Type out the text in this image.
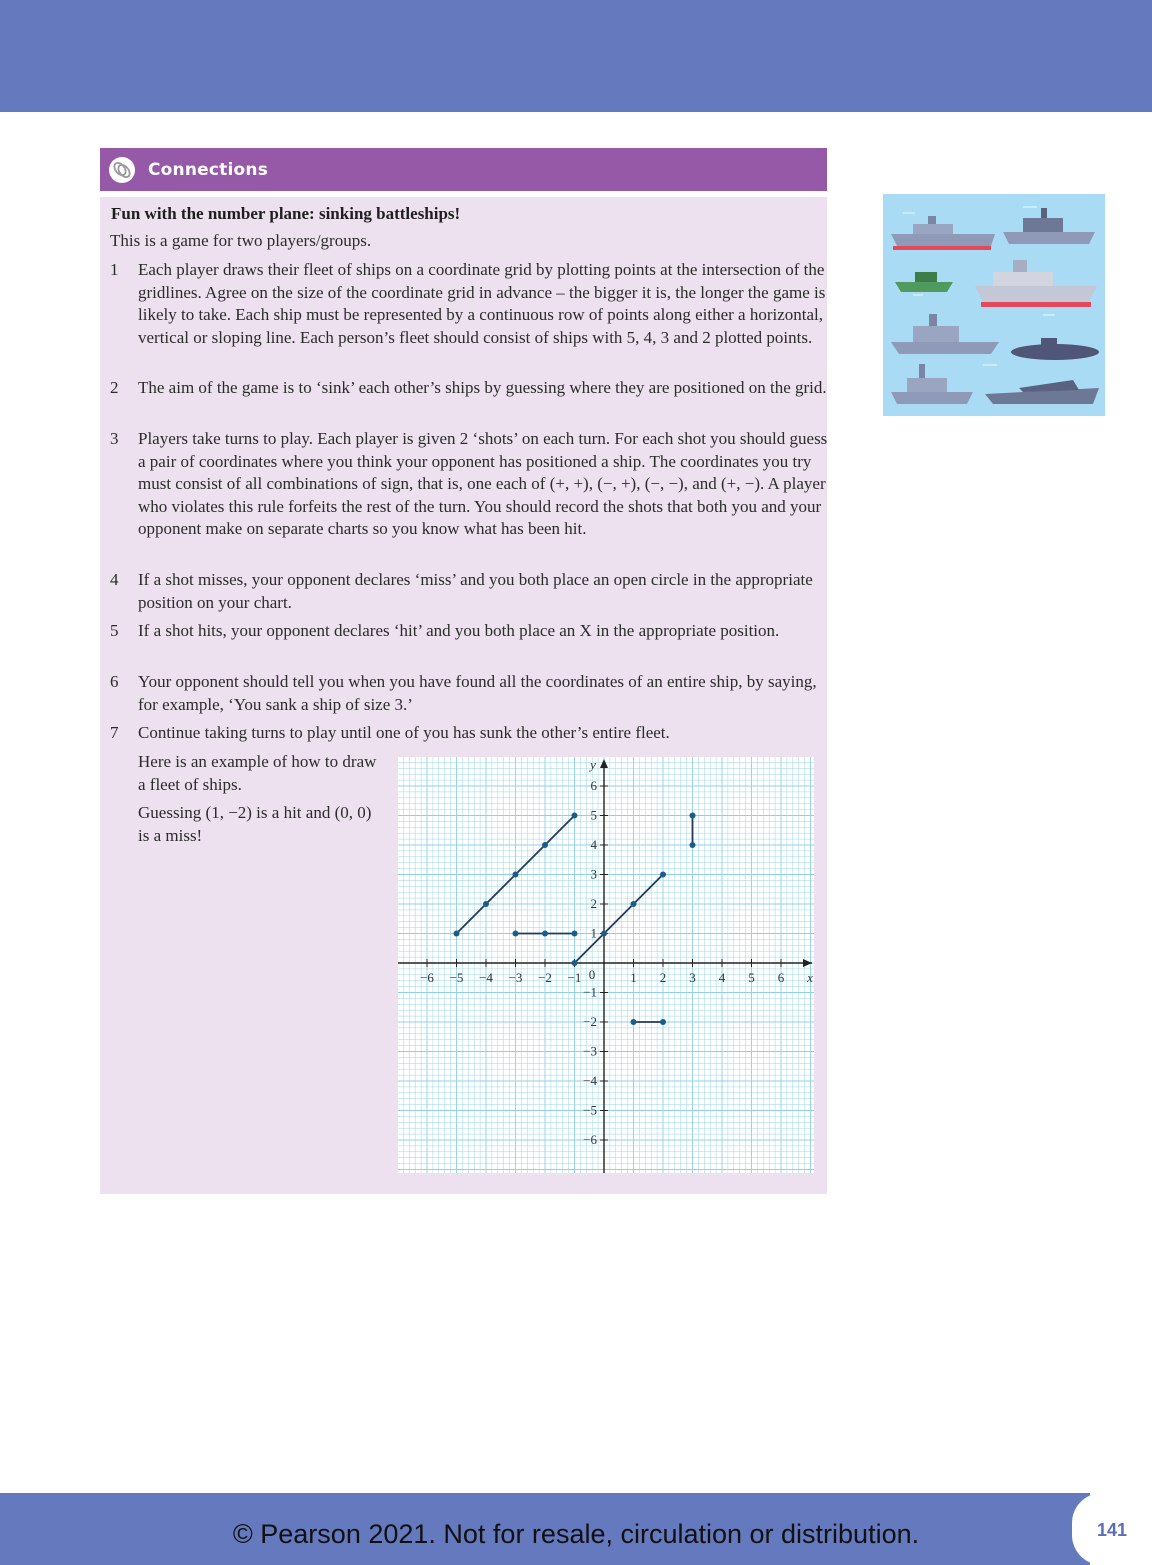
Connections
Fun with the number plane: sinking battleships!
This is a game for two players/groups.
1	Each player draws their fleet of ships on a coordinate grid by plotting points at the intersection of the gridlines. Agree on the size of the coordinate grid in advance – the bigger it is, the longer the game is likely to take. Each ship must be represented by a continuous row of points along either a horizontal, vertical or sloping line. Each person’s fleet should consist of ships with 5, 4, 3 and 2 plotted points.
2	The aim of the game is to ‘sink’ each other’s ships by guessing where they are positioned on the grid.
3	Players take turns to play. Each player is given 2 ‘shots’ on each turn. For each shot you should guess a pair of coordinates where you think your opponent has positioned a ship. The coordinates you try must consist of all combinations of sign, that is, one each of (+, +), (−, +), (−, −), and (+, −). A player who violates this rule forfeits the rest of the turn. You should record the shots that both you and your opponent make on separate charts so you know what has been hit.
4	If a shot misses, your opponent declares ‘miss’ and you both place an open circle in the appropriate position on your chart.
5	If a shot hits, your opponent declares ‘hit’ and you both place an X in the appropriate position.
6	Your opponent should tell you when you have found all the coordinates of an entire ship, by saying, for example, ‘You sank a ship of size 3.’
7	Continue taking turns to play until one of you has sunk the other’s entire fleet.
Here is an example of how to draw a fleet of ships.
Guessing (1, −2) is a hit and (0, 0) is a miss!
−6 −5 −4 −3 −2 −1	1 2 3 4 5 6
−6
−5
−4
−3
−2
−1
1
2
3
4
5
6
0	x
y
© Pearson 2021. Not for resale, circulation or distribution.	141
